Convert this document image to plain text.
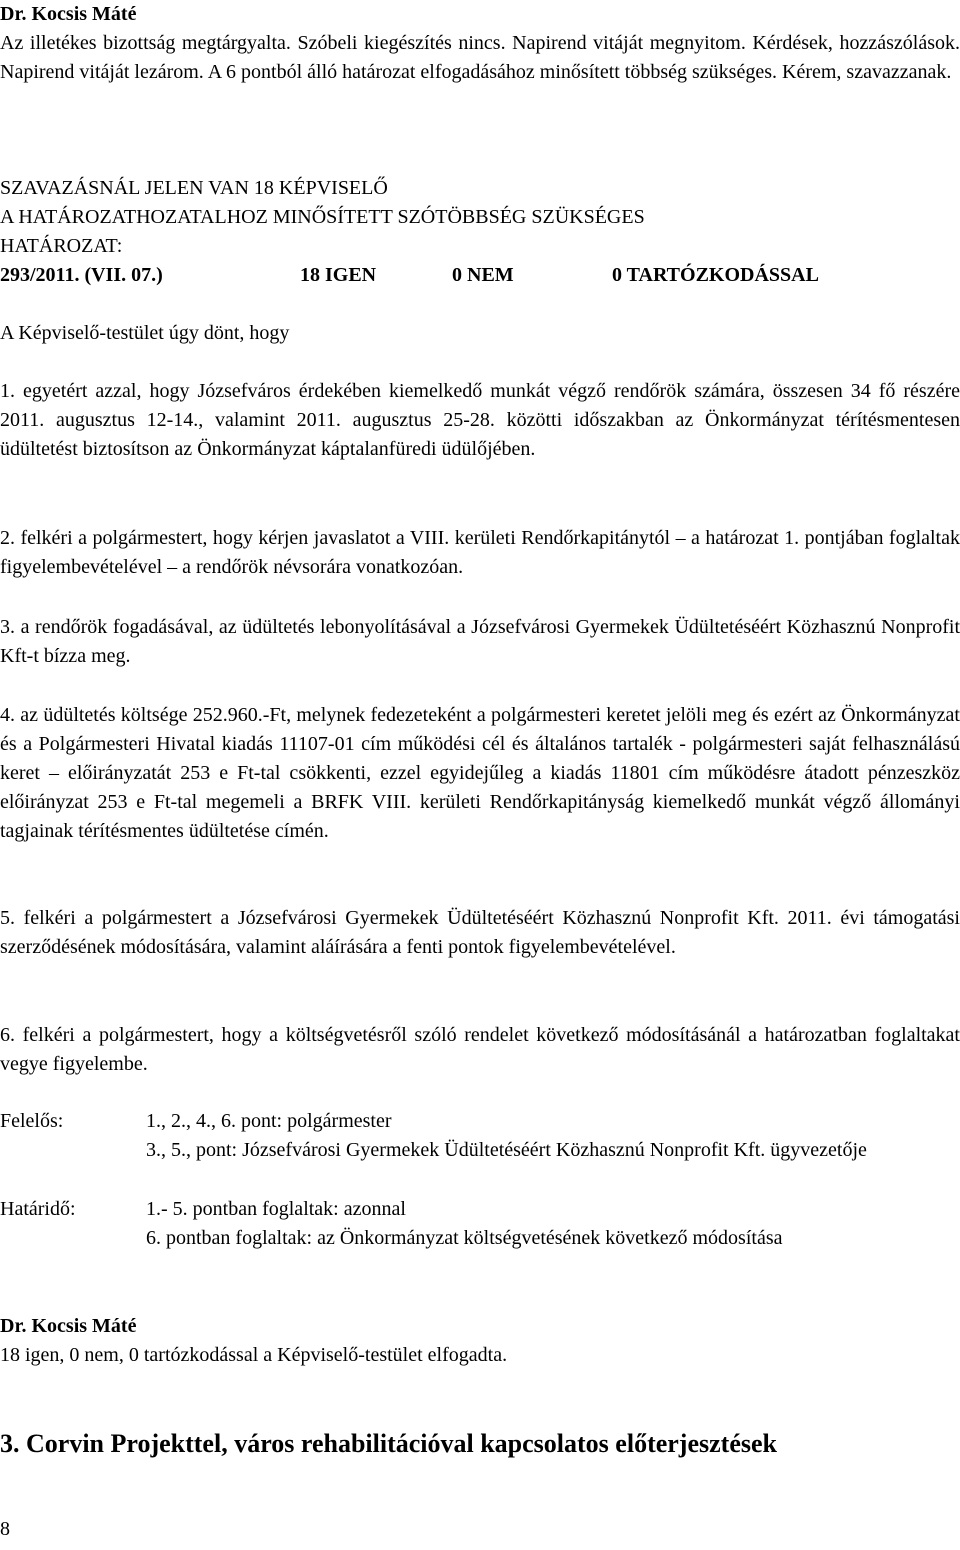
Dr. Kocsis Máté

Az illetékes bizottság megtárgyalta. Szóbeli kiegészítés nincs. Napirend vitáját megnyitom. Kérdések, hozzászólások. Napirend vitáját lezárom. A 6 pontból álló határozat elfogadásához minősített többség szükséges. Kérem, szavazzanak.

SZAVAZÁSNÁL JELEN VAN 18 KÉPVISELŐ

A HATÁROZATHOZATALHOZ MINŐSÍTETT SZÓTÖBBSÉG SZÜKSÉGES

HATÁROZAT:

293/2011. (VII. 07.)	18 IGEN	0 NEM	0 TARTÓZKODÁSSAL

A Képviselő-testület úgy dönt, hogy

1. egyetért azzal, hogy Józsefváros érdekében kiemelkedő munkát végző rendőrök számára, összesen 34 fő részére 2011. augusztus 12-14., valamint 2011. augusztus 25-28. közötti időszakban az Önkormányzat térítésmentesen üdültetést biztosítson az Önkormányzat káptalanfüredi üdülőjében.

2. felkéri a polgármestert, hogy kérjen javaslatot a VIII. kerületi Rendőrkapitánytól – a határozat 1. pontjában foglaltak figyelembevételével – a rendőrök névsorára vonatkozóan.

3. a rendőrök fogadásával, az üdültetés lebonyolításával a Józsefvárosi Gyermekek Üdültetéséért Közhasznú Nonprofit Kft-t bízza meg.

4. az üdültetés költsége 252.960.-Ft, melynek fedezeteként a polgármesteri keretet jelöli meg és ezért az Önkormányzat és a Polgármesteri Hivatal kiadás 11107-01 cím működési cél és általános tartalék - polgármesteri saját felhasználású keret – előirányzatát 253 e Ft-tal csökkenti, ezzel egyidejűleg a kiadás 11801 cím működésre átadott pénzeszköz előirányzat 253 e Ft-tal megemeli a BRFK VIII. kerületi Rendőrkapitányság kiemelkedő munkát végző állományi tagjainak térítésmentes üdültetése címén.

5. felkéri a polgármestert a Józsefvárosi Gyermekek Üdültetéséért Közhasznú Nonprofit Kft. 2011. évi támogatási szerződésének módosítására, valamint aláírására a fenti pontok figyelembevételével.

6. felkéri a polgármestert, hogy a költségvetésről szóló rendelet következő módosításánál a határozatban foglaltakat vegye figyelembe.

Felelős:	1., 2., 4., 6. pont: polgármester

3., 5., pont: Józsefvárosi Gyermekek Üdültetéséért Közhasznú Nonprofit Kft. ügyvezetője

Határidő:	1.- 5. pontban foglaltak: azonnal

6. pontban foglaltak: az Önkormányzat költségvetésének következő módosítása

Dr. Kocsis Máté

18 igen, 0 nem, 0 tartózkodással a Képviselő-testület elfogadta.

3. Corvin Projekttel, város rehabilitációval kapcsolatos előterjesztések

8
